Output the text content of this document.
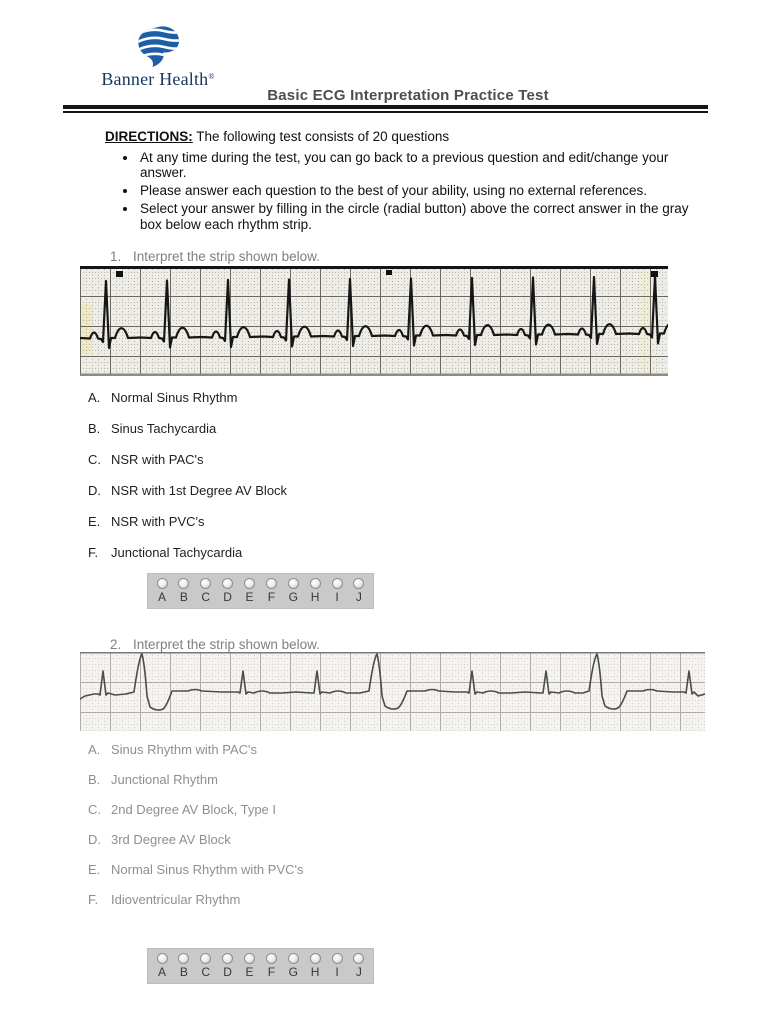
Banner Health®
Basic ECG Interpretation Practice Test
DIRECTIONS: The following test consists of 20 questions
• At any time during the test, you can go back to a previous question and edit/change your answer.
• Please answer each question to the best of your ability, using no external references.
• Select your answer by filling in the circle (radial button) above the correct answer in the gray box below each rhythm strip.
1. Interpret the strip shown below.
A. Normal Sinus Rhythm
B. Sinus Tachycardia
C. NSR with PAC's
D. NSR with 1st Degree AV Block
E. NSR with PVC's
F. Junctional Tachycardia
A B C D E F G H I J
2. Interpret the strip shown below.
A. Sinus Rhythm with PAC's
B. Junctional Rhythm
C. 2nd Degree AV Block, Type I
D. 3rd Degree AV Block
E. Normal Sinus Rhythm with PVC's
F. Idioventricular Rhythm
A B C D E F G H I J
